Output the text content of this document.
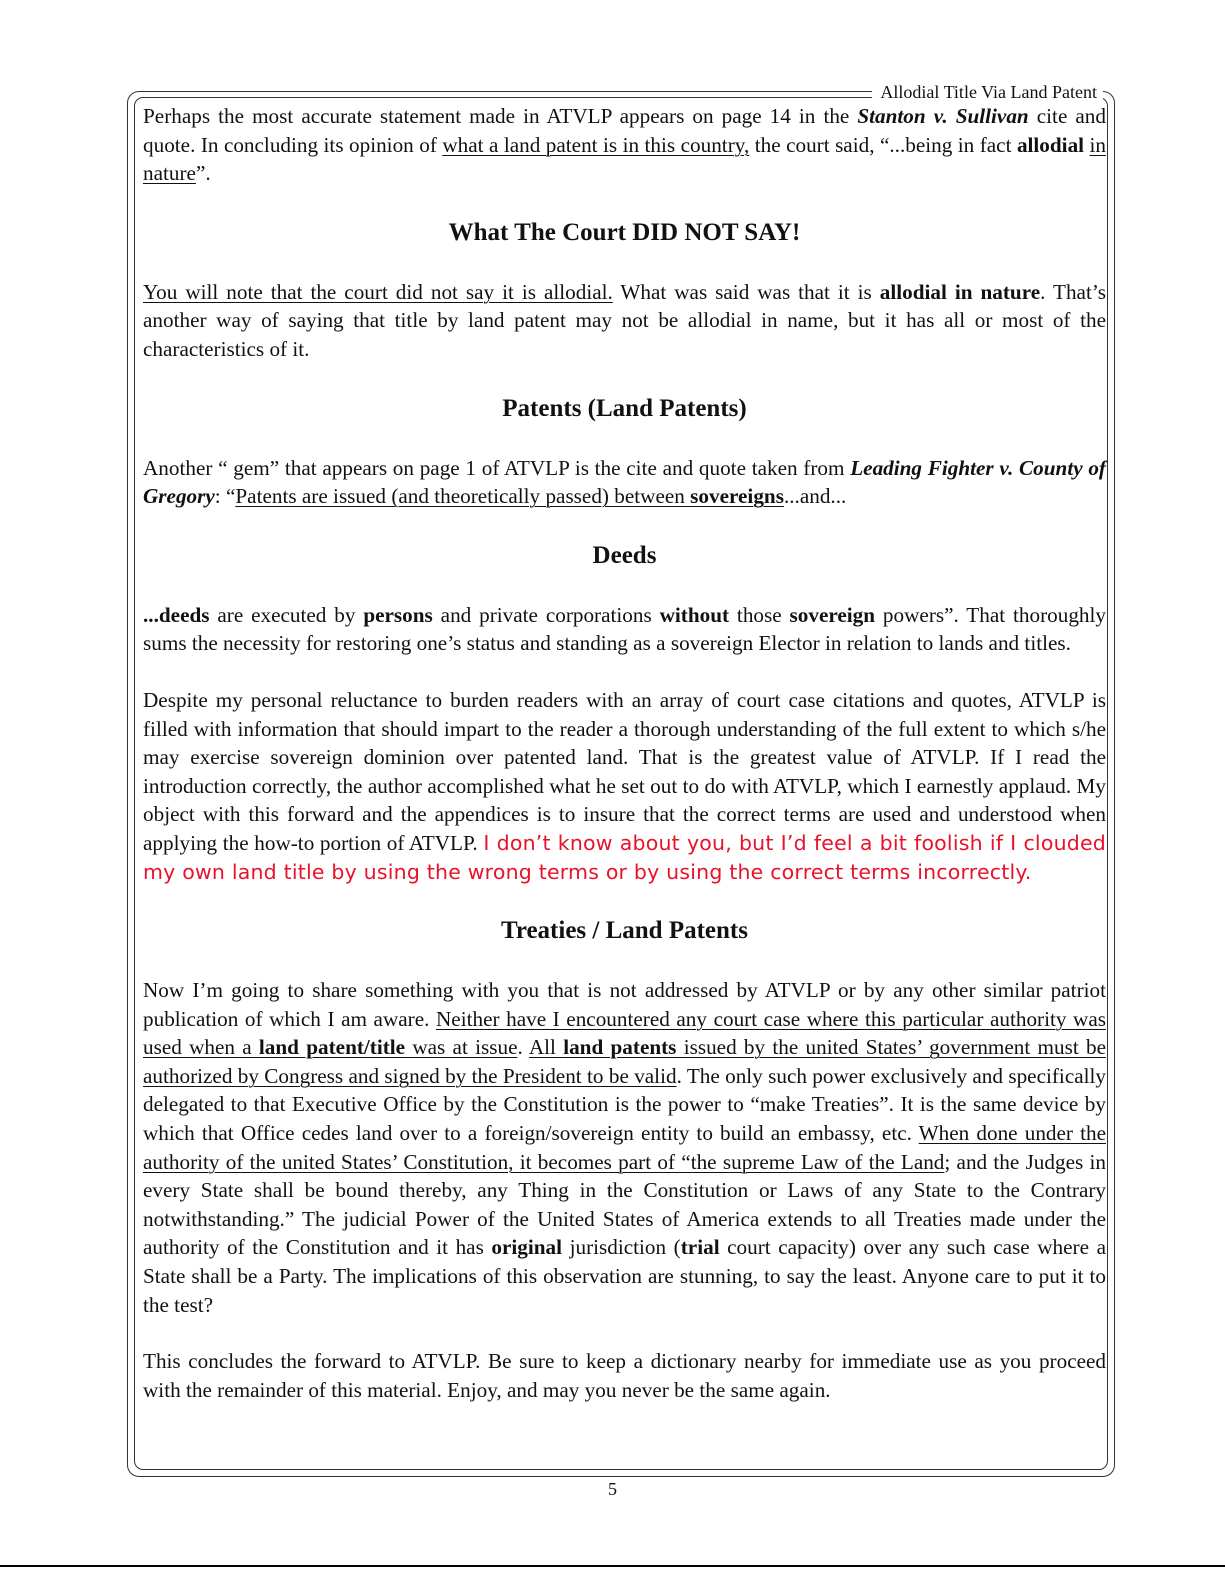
Allodial Title Via Land Patent

Perhaps the most accurate statement made in ATVLP appears on page 14 in the Stanton v. Sullivan cite and quote. In concluding its opinion of what a land patent is in this country, the court said, “...being in fact allodial in nature”.

What The Court DID NOT SAY!

You will note that the court did not say it is allodial. What was said was that it is allodial in nature. That’s another way of saying that title by land patent may not be allodial in name, but it has all or most of the characteristics of it.

Patents (Land Patents)

Another “ gem” that appears on page 1 of ATVLP is the cite and quote taken from Leading Fighter v. County of Gregory: “Patents are issued (and theoretically passed) between sovereigns...and...

Deeds

...deeds are executed by persons and private corporations without those sovereign powers”. That thoroughly sums the necessity for restoring one’s status and standing as a sovereign Elector in relation to lands and titles.

Despite my personal reluctance to burden readers with an array of court case citations and quotes, ATVLP is filled with information that should impart to the reader a thorough understanding of the full extent to which s/he may exercise sovereign dominion over patented land. That is the greatest value of ATVLP. If I read the introduction correctly, the author accomplished what he set out to do with ATVLP, which I earnestly applaud. My object with this forward and the appendices is to insure that the correct terms are used and understood when applying the how-to portion of ATVLP. I don’t know about you, but I’d feel a bit foolish if I clouded my own land title by using the wrong terms or by using the correct terms incorrectly.

Treaties / Land Patents

Now I’m going to share something with you that is not addressed by ATVLP or by any other similar patriot publication of which I am aware. Neither have I encountered any court case where this particular authority was used when a land patent/title was at issue. All land patents issued by the united States’ government must be authorized by Congress and signed by the President to be valid. The only such power exclusively and specifically delegated to that Executive Office by the Constitution is the power to “make Treaties”. It is the same device by which that Office cedes land over to a foreign/sovereign entity to build an embassy, etc. When done under the authority of the united States’ Constitution, it becomes part of “the supreme Law of the Land; and the Judges in every State shall be bound thereby, any Thing in the Constitution or Laws of any State to the Contrary notwithstanding.” The judicial Power of the United States of America extends to all Treaties made under the authority of the Constitution and it has original jurisdiction (trial court capacity) over any such case where a State shall be a Party. The implications of this observation are stunning, to say the least. Anyone care to put it to the test?

This concludes the forward to ATVLP. Be sure to keep a dictionary nearby for immediate use as you proceed with the remainder of this material. Enjoy, and may you never be the same again.

5
